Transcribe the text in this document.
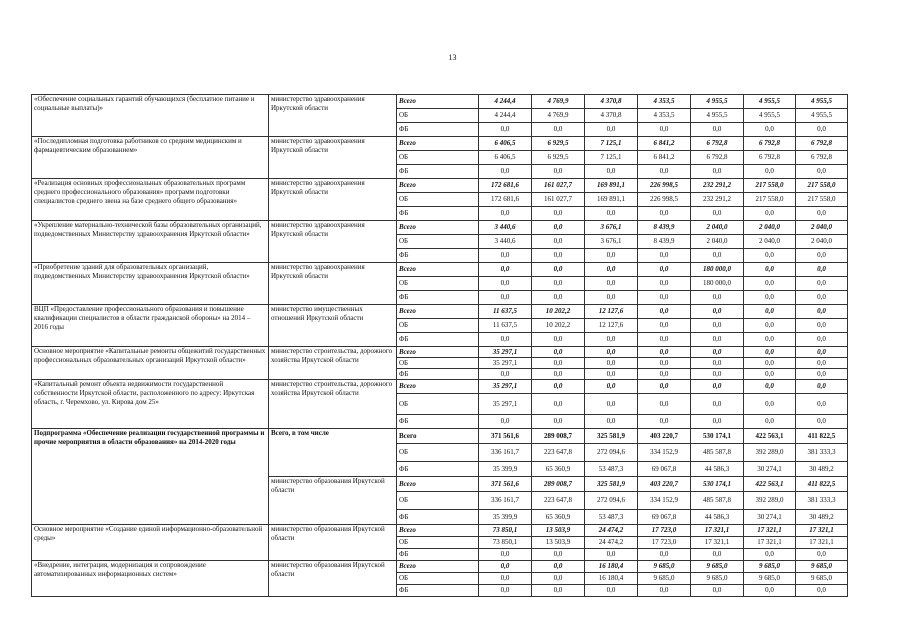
13
«Обеспечение социальных гарантий обучающихся (бесплатное питание и социальные выплаты)»	министерство здравоохранения Иркутской области	Всего	4 244,4	4 769,9	4 370,8	4 353,5	4 955,5	4 955,5	4 955,5
		ОБ	4 244,4	4 769,9	4 370,8	4 353,5	4 955,5	4 955,5	4 955,5
		ФБ	0,0	0,0	0,0	0,0	0,0	0,0	0,0
«Последипломная подготовка работников со средним медицинским и фармацевтическим образованием»	министерство здравоохранения Иркутской области	Всего	6 406,5	6 929,5	7 125,1	6 841,2	6 792,8	6 792,8	6 792,8
		ОБ	6 406,5	6 929,5	7 125,1	6 841,2	6 792,8	6 792,8	6 792,8
		ФБ	0,0	0,0	0,0	0,0	0,0	0,0	0,0
«Реализация основных профессиональных образовательных программ среднего профессионального образования» программ подготовки специалистов среднего звена на базе среднего общего образования»	министерство здравоохранения Иркутской области	Всего	172 681,6	161 027,7	169 891,1	226 998,5	232 291,2	217 558,0	217 558,0
		ОБ	172 681,6	161 027,7	169 891,1	226 998,5	232 291,2	217 558,0	217 558,0
		ФБ	0,0	0,0	0,0	0,0	0,0	0,0	0,0
«Укрепление материально-технической базы образовательных организаций, подведомственных Министерству здравоохранения Иркутской области»	министерство здравоохранения Иркутской области	Всего	3 440,6	0,0	3 676,1	8 439,9	2 040,0	2 040,0	2 040,0
		ОБ	3 440,6	0,0	3 676,1	8 439,9	2 040,0	2 040,0	2 040,0
		ФБ	0,0	0,0	0,0	0,0	0,0	0,0	0,0
«Приобретение зданий для образовательных организаций, подведомственных Министерству здравоохранения Иркутской области»	министерство здравоохранения Иркутской области	Всего	0,0	0,0	0,0	0,0	180 000,0	0,0	0,0
		ОБ	0,0	0,0	0,0	0,0	180 000,0	0,0	0,0
		ФБ	0,0	0,0	0,0	0,0	0,0	0,0	0,0
ВЦП «Предоставление профессионального образования и повышение квалификации специалистов в области гражданской обороны» на 2014 – 2016 годы	министерство имущественных отношений Иркутской области	Всего	11 637,5	10 202,2	12 127,6	0,0	0,0	0,0	0,0
		ОБ	11 637,5	10 202,2	12 127,6	0,0	0,0	0,0	0,0
		ФБ	0,0	0,0	0,0	0,0	0,0	0,0	0,0
Основное мероприятие «Капитальные ремонты общежитий государственных профессиональных образовательных организаций Иркутской области»	министерство строительства, дорожного хозяйства Иркутской области	Всего	35 297,1	0,0	0,0	0,0	0,0	0,0	0,0
		ОБ	35 297,1	0,0	0,0	0,0	0,0	0,0	0,0
		ФБ	0,0	0,0	0,0	0,0	0,0	0,0	0,0
«Капитальный ремонт объекта недвижимости государственной собственности Иркутской области, расположенного по адресу: Иркутская область, г. Черемхово, ул. Кирова дом 25»	министерство строительства, дорожного хозяйства Иркутской области	Всего	35 297,1	0,0	0,0	0,0	0,0	0,0	0,0
		ОБ	35 297,1	0,0	0,0	0,0	0,0	0,0	0,0
		ФБ	0,0	0,0	0,0	0,0	0,0	0,0	0,0
Подпрограмма «Обеспечение реализации государственной программы и прочие мероприятия в области образования» на 2014-2020 годы	Всего, в том числе	Всего	371 561,6	289 008,7	325 581,9	403 220,7	530 174,1	422 563,1	411 822,5
		ОБ	336 161,7	223 647,8	272 094,6	334 152,9	485 587,8	392 289,0	381 333,3
		ФБ	35 399,9	65 360,9	53 487,3	69 067,8	44 586,3	30 274,1	30 489,2
	министерство образования Иркутской области	Всего	371 561,6	289 008,7	325 581,9	403 220,7	530 174,1	422 563,1	411 822,5
		ОБ	336 161,7	223 647,8	272 094,6	334 152,9	485 587,8	392 289,0	381 333,3
		ФБ	35 399,9	65 360,9	53 487,3	69 067,8	44 586,3	30 274,1	30 489,2
Основное мероприятие «Создание единой информационно-образовательной среды»	министерство образования Иркутской области	Всего	73 850,1	13 503,9	24 474,2	17 723,0	17 321,1	17 321,1	17 321,1
		ОБ	73 850,1	13 503,9	24 474,2	17 723,0	17 321,1	17 321,1	17 321,1
		ФБ	0,0	0,0	0,0	0,0	0,0	0,0	0,0
«Внедрение, интеграция, модернизация и сопровождение автоматизированных информационных систем»	министерство образования Иркутской области	Всего	0,0	0,0	16 180,4	9 685,0	9 685,0	9 685,0	9 685,0
		ОБ	0,0	0,0	16 180,4	9 685,0	9 685,0	9 685,0	9 685,0
		ФБ	0,0	0,0	0,0	0,0	0,0	0,0	0,0
